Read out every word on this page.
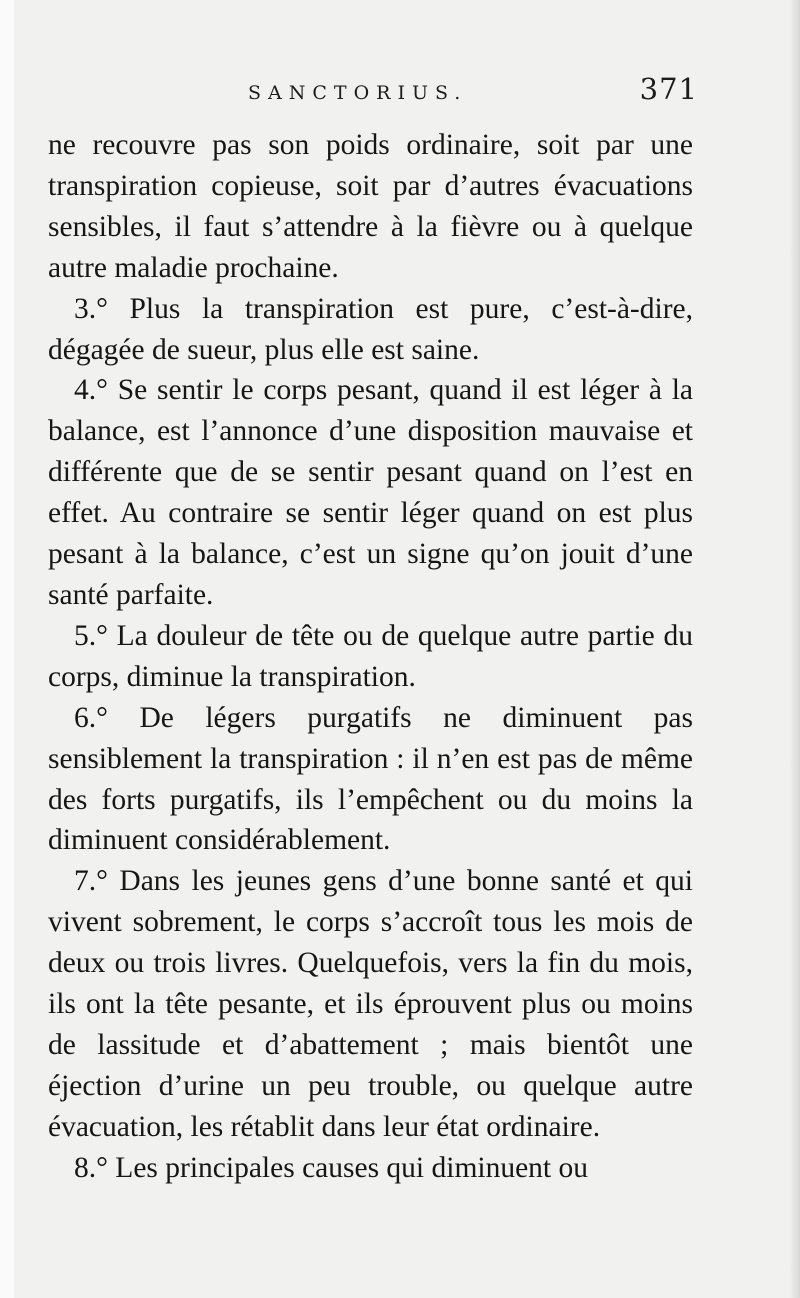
SANCTORIUS.	371

ne recouvre pas son poids ordinaire, soit par une transpiration copieuse, soit par d’autres évacuations sensibles, il faut s’attendre à la fièvre ou à quelque autre maladie prochaine.

3.° Plus la transpiration est pure, c’est-à-dire, dégagée de sueur, plus elle est saine.

4.° Se sentir le corps pesant, quand il est léger à la balance, est l’annonce d’une disposition mauvaise et différente que de se sentir pesant quand on l’est en effet. Au contraire se sentir léger quand on est plus pesant à la balance, c’est un signe qu’on jouit d’une santé parfaite.

5.° La douleur de tête ou de quelque autre partie du corps, diminue la transpiration.

6.° De légers purgatifs ne diminuent pas sensiblement la transpiration : il n’en est pas de même des forts purgatifs, ils l’empêchent ou du moins la diminuent considérablement.

7.° Dans les jeunes gens d’une bonne santé et qui vivent sobrement, le corps s’accroît tous les mois de deux ou trois livres. Quelquefois, vers la fin du mois, ils ont la tête pesante, et ils éprouvent plus ou moins de lassitude et d’abattement ; mais bientôt une éjection d’urine un peu trouble, ou quelque autre évacuation, les rétablit dans leur état ordinaire.

8.° Les principales causes qui diminuent ou
